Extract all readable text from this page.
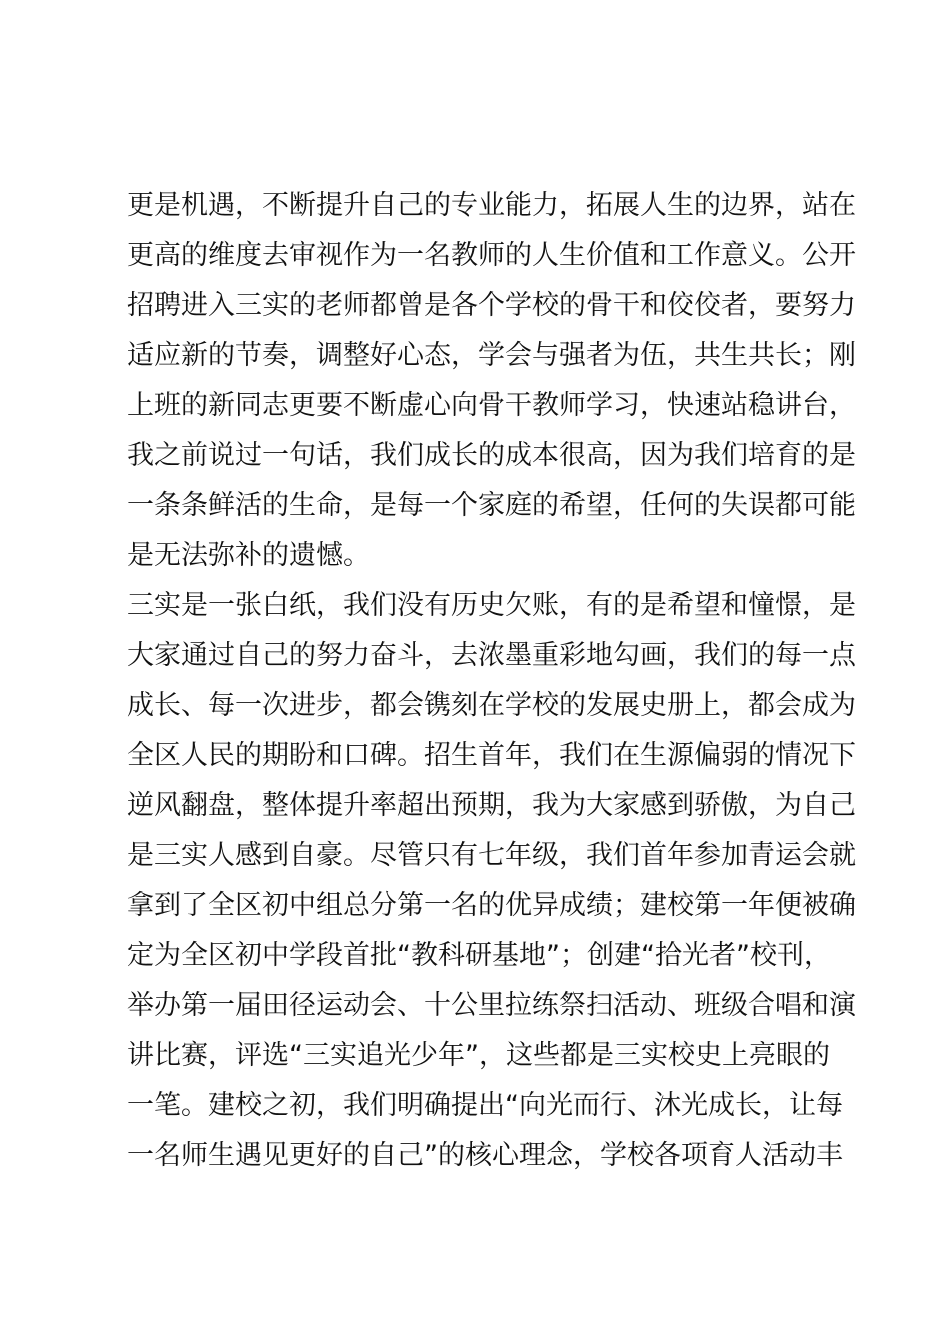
更是机遇，不断提升自己的专业能力，拓展人生的边界，站在
更高的维度去审视作为一名教师的人生价值和工作意义。公开
招聘进入三实的老师都曾是各个学校的骨干和佼佼者，要努力
适应新的节奏，调整好心态，学会与强者为伍，共生共长；刚
上班的新同志更要不断虚心向骨干教师学习，快速站稳讲台，
我之前说过一句话，我们成长的成本很高，因为我们培育的是
一条条鲜活的生命，是每一个家庭的希望，任何的失误都可能
是无法弥补的遗憾。
三实是一张白纸，我们没有历史欠账，有的是希望和憧憬，是
大家通过自己的努力奋斗，去浓墨重彩地勾画，我们的每一点
成长、每一次进步，都会镌刻在学校的发展史册上，都会成为
全区人民的期盼和口碑。招生首年，我们在生源偏弱的情况下
逆风翻盘，整体提升率超出预期，我为大家感到骄傲，为自己
是三实人感到自豪。尽管只有七年级，我们首年参加青运会就
拿到了全区初中组总分第一名的优异成绩；建校第一年便被确
定为全区初中学段首批“教科研基地”；创建“拾光者”校刊，
举办第一届田径运动会、十公里拉练祭扫活动、班级合唱和演
讲比赛，评选“三实追光少年”，这些都是三实校史上亮眼的
一笔。建校之初，我们明确提出“向光而行、沐光成长，让每
一名师生遇见更好的自己”的核心理念，学校各项育人活动丰
